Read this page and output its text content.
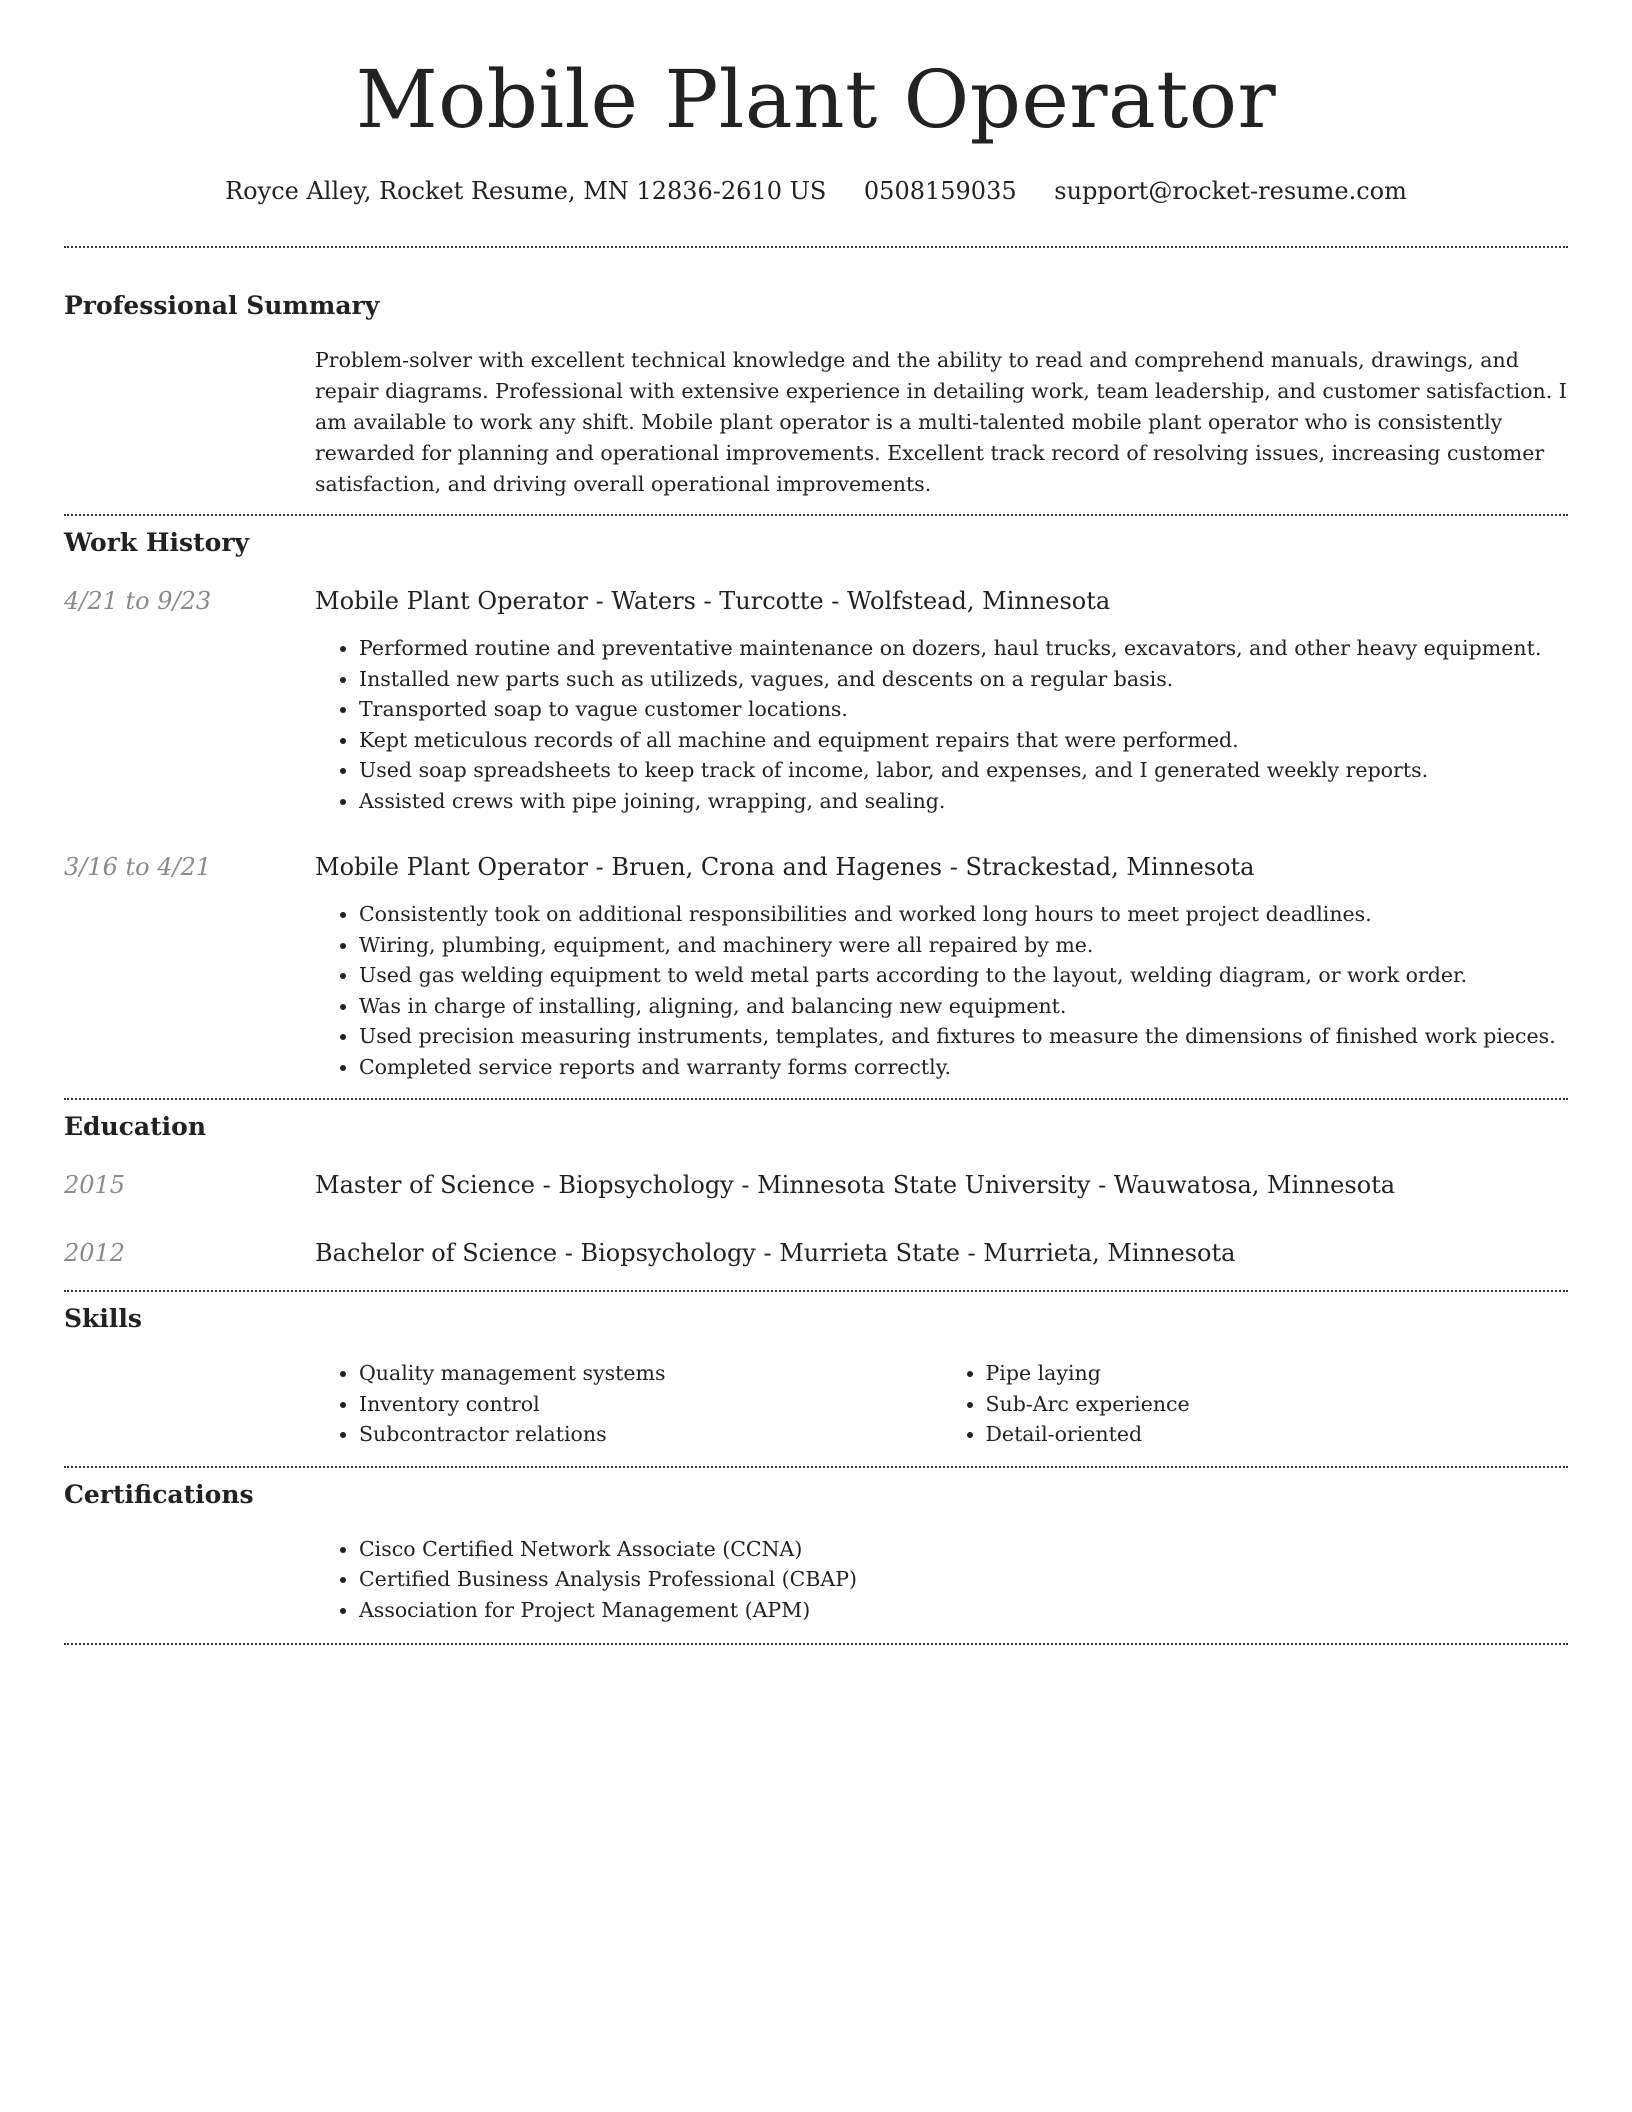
Mobile Plant Operator
Royce Alley, Rocket Resume, MN 12836-2610 US 0508159035 support@rocket-resume.com
Professional Summary

Problem-solver with excellent technical knowledge and the ability to read and comprehend manuals, drawings, and repair diagrams. Professional with extensive experience in detailing work, team leadership, and customer satisfaction. I am available to work any shift. Mobile plant operator is a multi-talented mobile plant operator who is consistently rewarded for planning and operational improvements. Excellent track record of resolving issues, increasing customer satisfaction, and driving overall operational improvements.

Work History
4/21 to 9/23	Mobile Plant Operator - Waters - Turcotte - Wolfstead, Minnesota
• Performed routine and preventative maintenance on dozers, haul trucks, excavators, and other heavy equipment.
• Installed new parts such as utilizeds, vagues, and descents on a regular basis.
• Transported soap to vague customer locations.
• Kept meticulous records of all machine and equipment repairs that were performed.
• Used soap spreadsheets to keep track of income, labor, and expenses, and I generated weekly reports.
• Assisted crews with pipe joining, wrapping, and sealing.
3/16 to 4/21	Mobile Plant Operator - Bruen, Crona and Hagenes - Strackestad, Minnesota
• Consistently took on additional responsibilities and worked long hours to meet project deadlines.
• Wiring, plumbing, equipment, and machinery were all repaired by me.
• Used gas welding equipment to weld metal parts according to the layout, welding diagram, or work order.
• Was in charge of installing, aligning, and balancing new equipment.
• Used precision measuring instruments, templates, and fixtures to measure the dimensions of finished work pieces.
• Completed service reports and warranty forms correctly.
Education
2015	Master of Science - Biopsychology - Minnesota State University - Wauwatosa, Minnesota
2012	Bachelor of Science - Biopsychology - Murrieta State - Murrieta, Minnesota
Skills
• Quality management systems
• Inventory control
• Subcontractor relations
• Pipe laying
• Sub-Arc experience
• Detail-oriented
Certifications
• Cisco Certified Network Associate (CCNA)
• Certified Business Analysis Professional (CBAP)
• Association for Project Management (APM)
